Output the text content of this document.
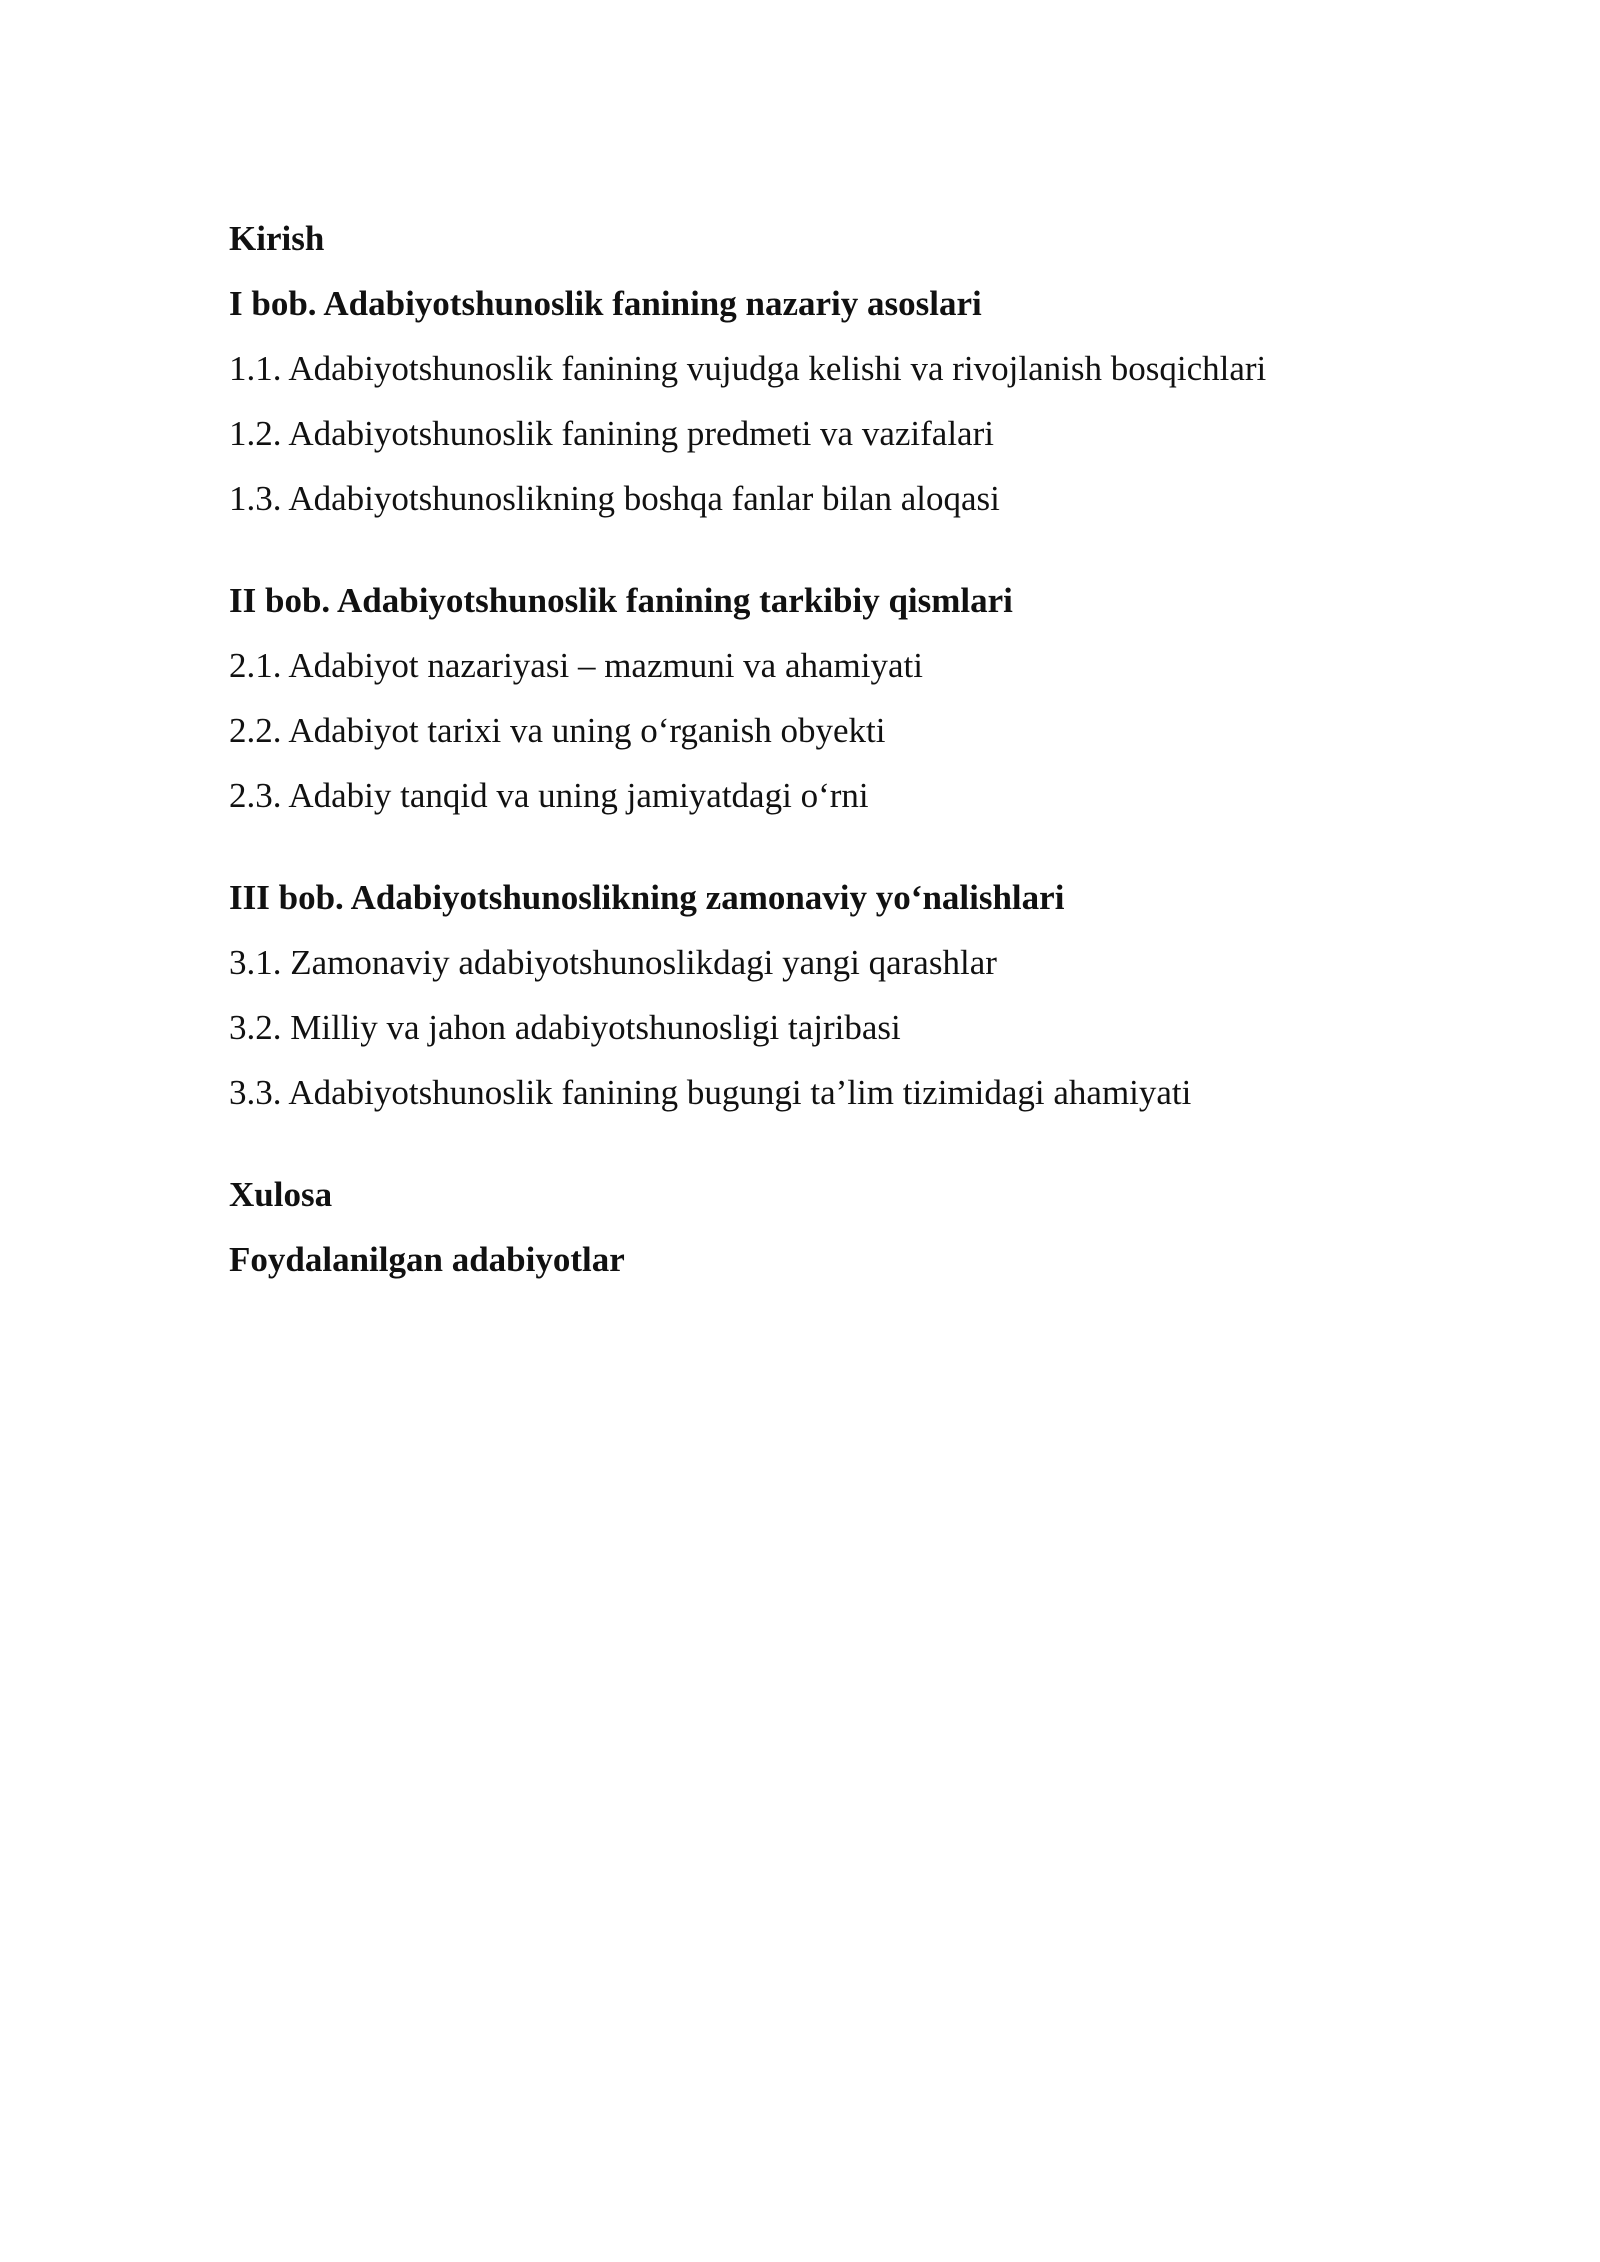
Kirish
I bob. Adabiyotshunoslik fanining nazariy asoslari
1.1. Adabiyotshunoslik fanining vujudga kelishi va rivojlanish bosqichlari
1.2. Adabiyotshunoslik fanining predmeti va vazifalari
1.3. Adabiyotshunoslikning boshqa fanlar bilan aloqasi
II bob. Adabiyotshunoslik fanining tarkibiy qismlari
2.1. Adabiyot nazariyasi – mazmuni va ahamiyati
2.2. Adabiyot tarixi va uning o‘rganish obyekti
2.3. Adabiy tanqid va uning jamiyatdagi o‘rni
III bob. Adabiyotshunoslikning zamonaviy yo‘nalishlari
3.1. Zamonaviy adabiyotshunoslikdagi yangi qarashlar
3.2. Milliy va jahon adabiyotshunosligi tajribasi
3.3. Adabiyotshunoslik fanining bugungi ta’lim tizimidagi ahamiyati
Xulosa
Foydalanilgan adabiyotlar
